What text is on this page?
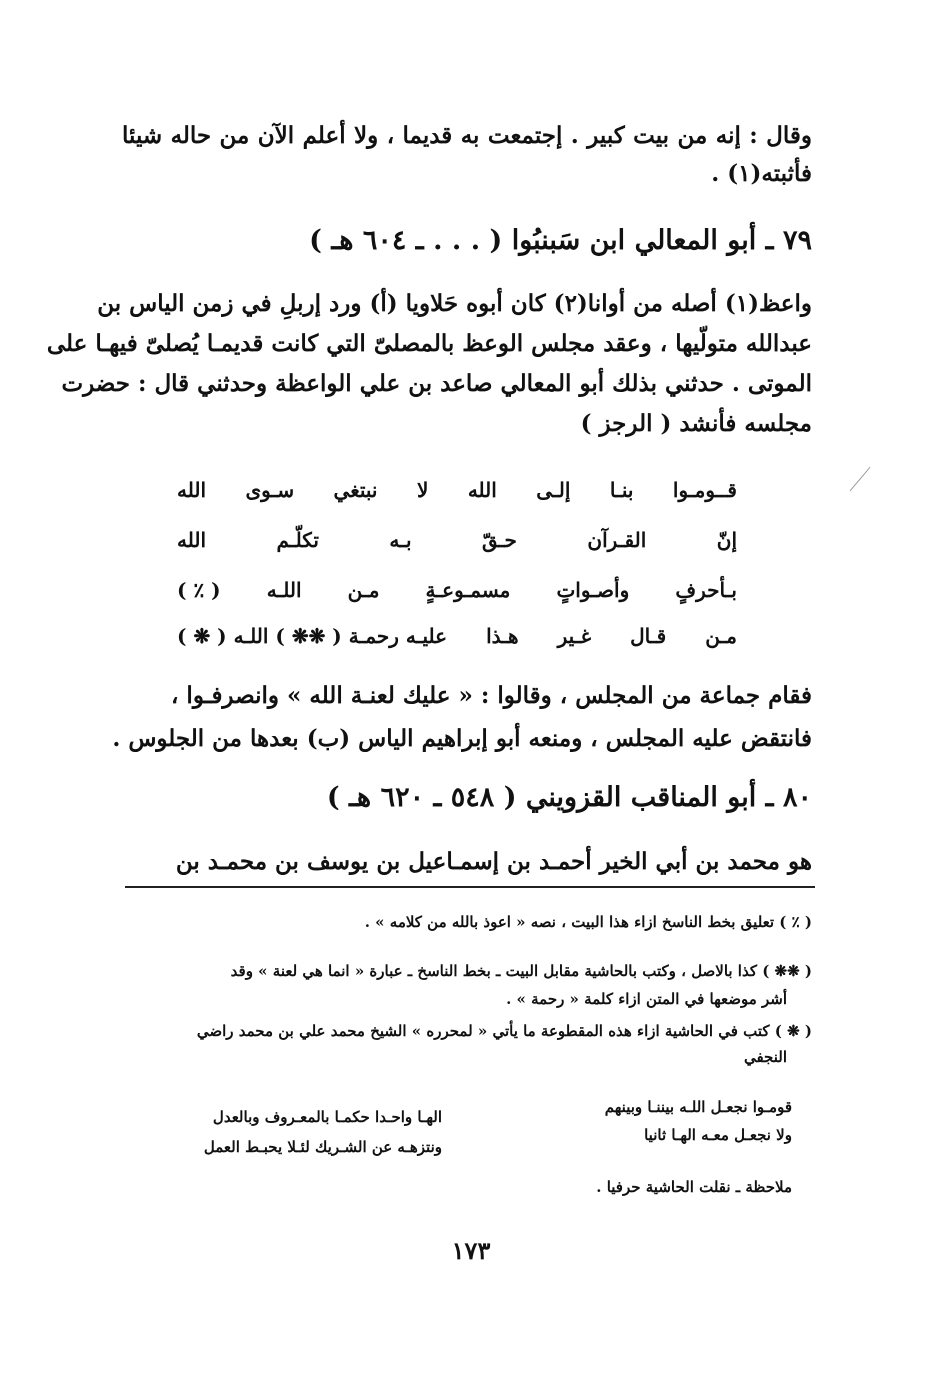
وقال : إنه من بيت كبير . إجتمعت به قديما ، ولا أعلم الآن من حاله شيئا
فأثبته(١) .
٧٩ ـ أبو المعالي ابن سَبنبُوا ( . . . ـ ٦٠٤ هـ )
واعظ(١) أصله من أوانا(٢) كان أبوه حَلاويا (أ) ورد إربلِ في زمن الياس بن
عبدالله متولّيها ، وعقد مجلس الوعظ بالمصلىّ التي كانت قديمـا يُصلىّ فيهـا على
الموتى . حدثني بذلك أبو المعالي صاعد بن علي الواعظة وحدثني قال : حضرت
مجلسه فأنشد ( الرجز )
قــومـوا
بنـا
إلـى
الله
لا
نبتغي
سـوى
الله
إنّ
القـرآن
حـقّ
بـه
تكلّـم
الله
بـأحرفٍ
وأصـواتٍ
مسمـوعـةٍ
مـن
اللـه
( ٪ )
مـن
قـال
غـير
هـذا
عليـه رحمـة ( ❋❋ ) اللـه ( ❋ )
فقام جماعة من المجلس ، وقالوا : « عليك لعنـة الله » وانصرفـوا ،
فانتقض عليه المجلس ، ومنعه أبو إبراهيم الياس (ب) بعدها من الجلوس .
٨٠ ـ أبو المناقب القزويني ( ٥٤٨ ـ ٦٢٠ هـ )
هو محمد بن أبي الخير أحمـد بن إسمـاعيل بن يوسف بن محمـد بن
( ٪ ) تعليق بخط الناسخ ازاء هذا البيت ، نصه « اعوذ بالله من كلامه » .
( ❋❋ ) كذا بالاصل ، وكتب بالحاشية مقابل البيت ـ بخط الناسخ ـ عبارة « انما هي لعنة » وقد
أشر موضعها في المتن ازاء كلمة « رحمة » .
( ❋ ) كتب في الحاشية ازاء هذه المقطوعة ما يأتي « لمحرره » الشيخ محمد علي بن محمد راضي
النجفي
قومـوا نجعـل اللـه بيننـا وبينهم
الهـا واحـدا حكمـا بالمعـروف وبالعدل
ولا نجعـل معـه الهـا ثانيا
ونتزهـه عن الشـريك لئـلا يحبـط العمل
ملاحظة ـ نقلت الحاشية حرفيا .
١٧٣
